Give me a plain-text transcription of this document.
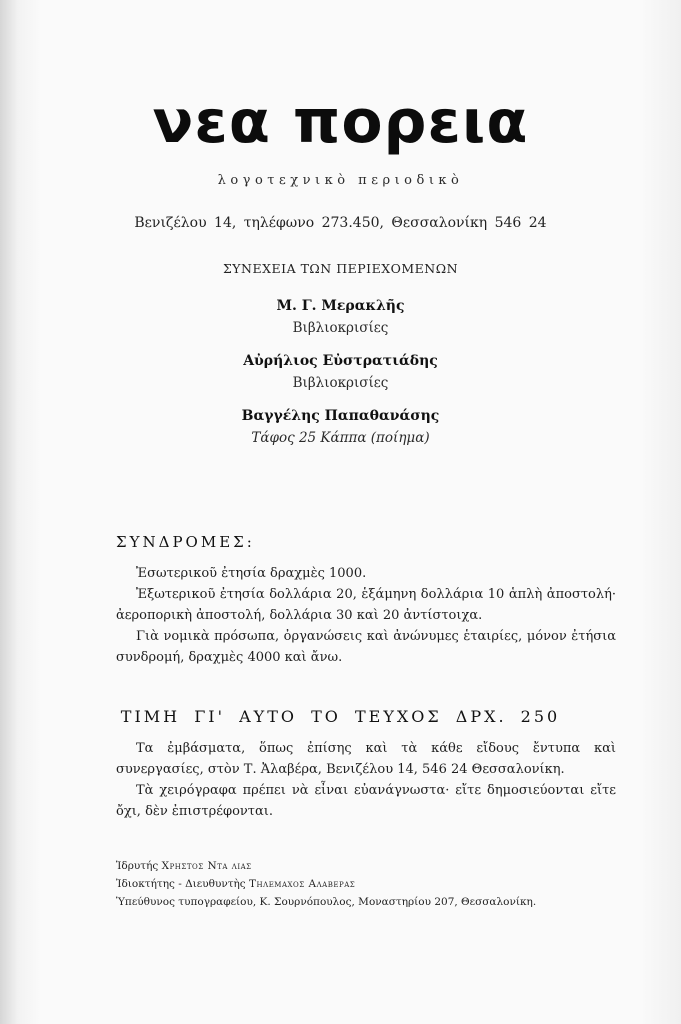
νεα πορεια
λογοτεχνικὸ περιοδικὸ
Βενιζέλου 14, τηλέφωνο 273.450, Θεσσαλονίκη 546 24
ΣΥΝΕΧΕΙΑ ΤΩΝ ΠΕΡΙΕΧΟΜΕΝΩΝ
Μ. Γ. Μερακλῆς
Βιβλιοκρισίες
Αὐρήλιος Εὐστρατιάδης
Βιβλιοκρισίες
Βαγγέλης Παπαθανάσης
Τάφος 25 Κάππα (ποίημα)
ΣΥΝΔΡΟΜΕΣ:

Ἐσωτερικοῦ ἐτησία δραχμὲς 1000.

Ἐξωτερικοῦ ἐτησία δολλάρια 20, ἑξάμηνη δολλάρια 10 ἁπλὴ ἀποστολή· ἀεροπορικὴ ἀποστολή, δολλάρια 30 καὶ 20 ἀντίστοιχα.

Γιὰ νομικὰ πρόσωπα, ὀργανώσεις καὶ ἀνώνυμες ἑταιρίες, μόνον ἐτήσια συνδρομή, δραχμὲς 4000 καὶ ἄνω.

ΤΙΜΗ ΓΙ' ΑΥΤΟ ΤΟ ΤΕΥΧΟΣ ΔΡΧ. 250

Τα ἐμβάσματα, ὅπως ἐπίσης καὶ τὰ κάθε εἴδους ἔντυπα καὶ συνεργασίες, στὸν Τ. Ἀλαβέρα, Βενιζέλου 14, 546 24 Θεσσαλονίκη.

Τὰ χειρόγραφα πρέπει νὰ εἶναι εὐανάγνωστα· εἴτε δημοσιεύονται εἴτε ὄχι, δὲν ἐπιστρέφονται.

Ἱδρυτής Χρηστος Ντα λιας
Ἰδιοκτήτης - Διευθυντὴς Τηλεμαχος Αλαβερας
Ὑπεύθυνος τυπογραφείου, Κ. Σουρνόπουλος, Μοναστηρίου 207, Θεσσαλονίκη.
